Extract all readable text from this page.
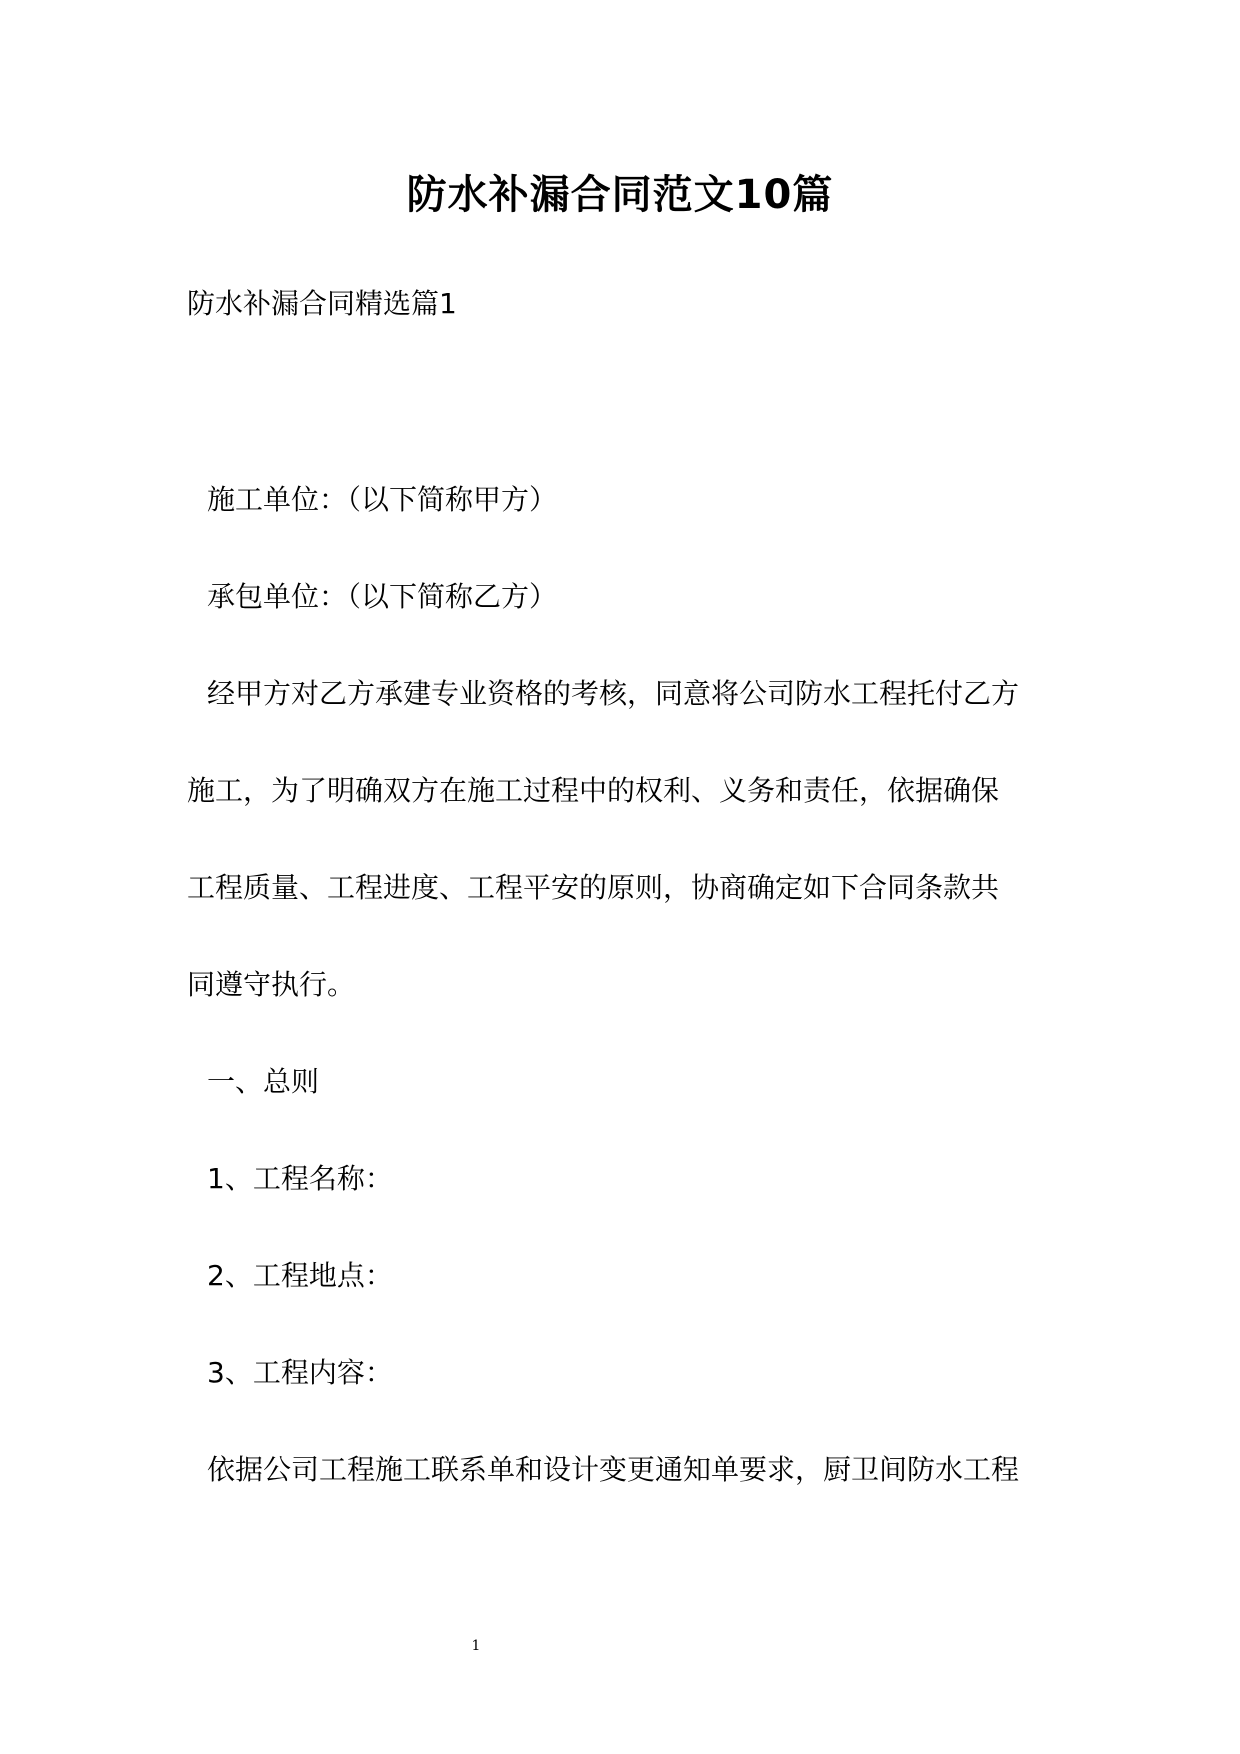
防水补漏合同范文10篇
防水补漏合同精选篇1
施工单位：（以下简称甲方）
承包单位：（以下简称乙方）
经甲方对乙方承建专业资格的考核，同意将公司防水工程托付乙方
施工，为了明确双方在施工过程中的权利、义务和责任，依据确保
工程质量、工程进度、工程平安的原则，协商确定如下合同条款共
同遵守执行。
一、总则
1、工程名称：
2、工程地点：
3、工程内容：
依据公司工程施工联系单和设计变更通知单要求，厨卫间防水工程
1
